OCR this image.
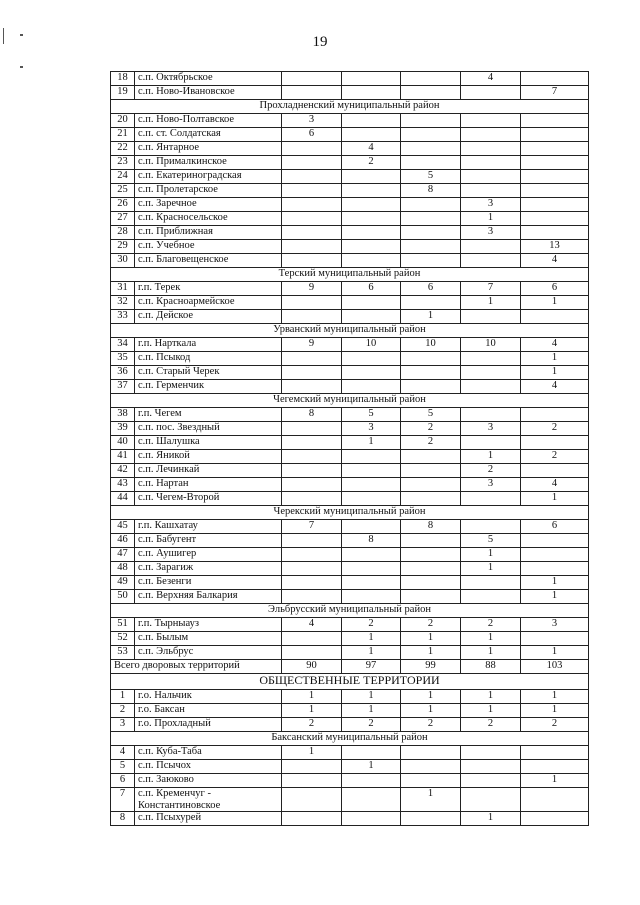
19
18	с.п. Октябрьское				4	
19	с.п. Ново-Ивановское					7
Прохладненский муниципальный район						
20	с.п. Ново-Полтавское	3				
21	с.п. ст. Солдатская	6				
22	с.п. Янтарное		4			
23	с.п. Прималкинское		2			
24	с.п. Екатериноградская			5		
25	с.п. Пролетарское			8		
26	с.п. Заречное				3	
27	с.п. Красносельское				1	
28	с.п. Приближная				3	
29	с.п. Учебное					13
30	с.п. Благовещенское					4
Терский муниципальный район						
31	г.п. Терек	9	6	6	7	6
32	с.п. Красноармейское				1	1
33	с.п. Дейское			1		
Урванский муниципальный район						
34	г.п. Нарткала	9	10	10	10	4
35	с.п. Псыкод					1
36	с.п. Старый Черек					1
37	с.п. Герменчик					4
Чегемский муниципальный район						
38	г.п. Чегем	8	5	5		
39	с.п. пос. Звездный		3	2	3	2
40	с.п. Шалушка		1	2		
41	с.п. Яникой				1	2
42	с.п. Лечинкай				2	
43	с.п. Нартан				3	4
44	с.п. Чегем-Второй					1
Черекский муниципальный район						
45	г.п. Кашхатау	7		8		6
46	с.п. Бабугент		8		5	
47	с.п. Аушигер				1	
48	с.п. Зарагиж				1	
49	с.п. Безенги					1
50	с.п. Верхняя Балкария					1
Эльбрусский муниципальный район						
51	г.п. Тырныауз	4	2	2	2	3
52	с.п. Былым		1	1	1	
53	с.п. Эльбрус		1	1	1	1
Всего дворовых территорий		90	97	99	88	103
ОБЩЕСТВЕННЫЕ ТЕРРИТОРИИ						
1	г.о. Нальчик	1	1	1	1	1
2	г.о. Баксан	1	1	1	1	1
3	г.о. Прохладный	2	2	2	2	2
Баксанский муниципальный район						
4	с.п. Куба-Таба	1				
5	с.п. Псычох		1			
6	с.п. Заюково					1
7	с.п. Кременчуг - Константиновское			1		
8	с.п. Псыхурей				1	
